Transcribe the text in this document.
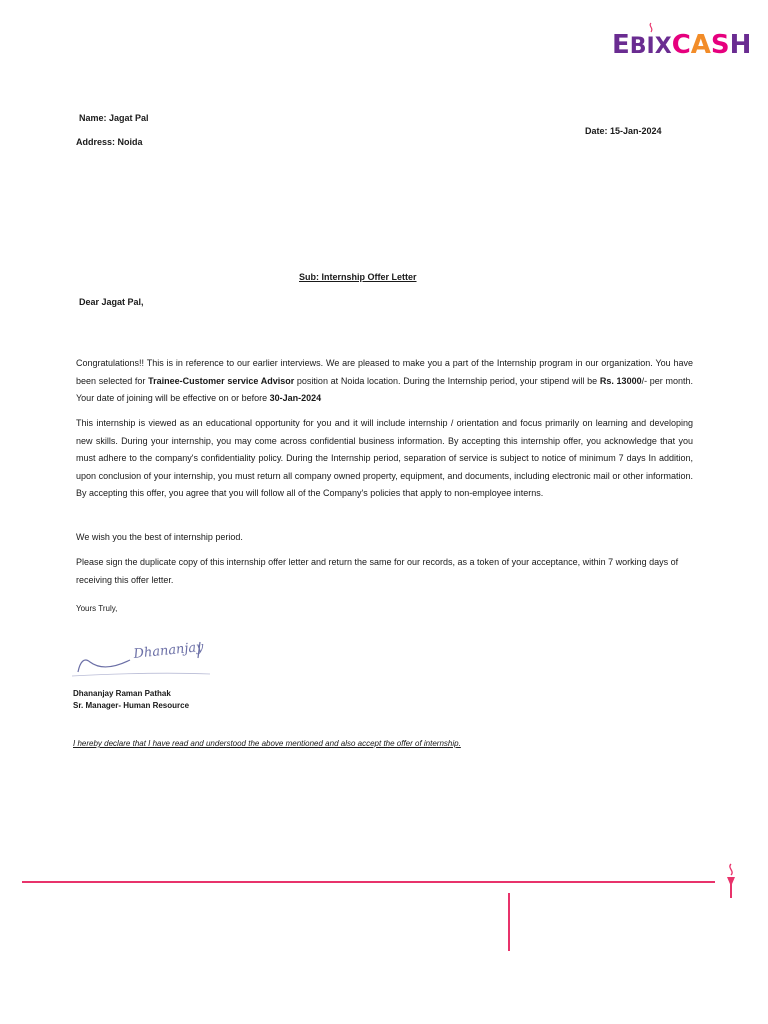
EBIXCASH
Name: Jagat Pal
Address: Noida
Date: 15-Jan-2024
Sub: Internship Offer Letter
Dear Jagat Pal,
Congratulations!! This is in reference to our earlier interviews. We are pleased to make you a part of the Internship program in our organization. You have been selected for Trainee-Customer service Advisor position at Noida location. During the Internship period, your stipend will be Rs. 13000/- per month. Your date of joining will be effective on or before 30-Jan-2024
This internship is viewed as an educational opportunity for you and it will include internship / orientation and focus primarily on learning and developing new skills. During your internship, you may come across confidential business information. By accepting this internship offer, you acknowledge that you must adhere to the company's confidentiality policy. During the Internship period, separation of service is subject to notice of minimum 7 days In addition, upon conclusion of your internship, you must return all company owned property, equipment, and documents, including electronic mail or other information. By accepting this offer, you agree that you will follow all of the Company's policies that apply to non-employee interns.
We wish you the best of internship period.
Please sign the duplicate copy of this internship offer letter and return the same for our records, as a token of your acceptance, within 7 working days of receiving this offer letter.
Yours Truly,
Dhananjay
Dhananjay Raman Pathak
Sr. Manager- Human Resource
I hereby declare that I have read and understood the above mentioned and also accept the offer of internship.
